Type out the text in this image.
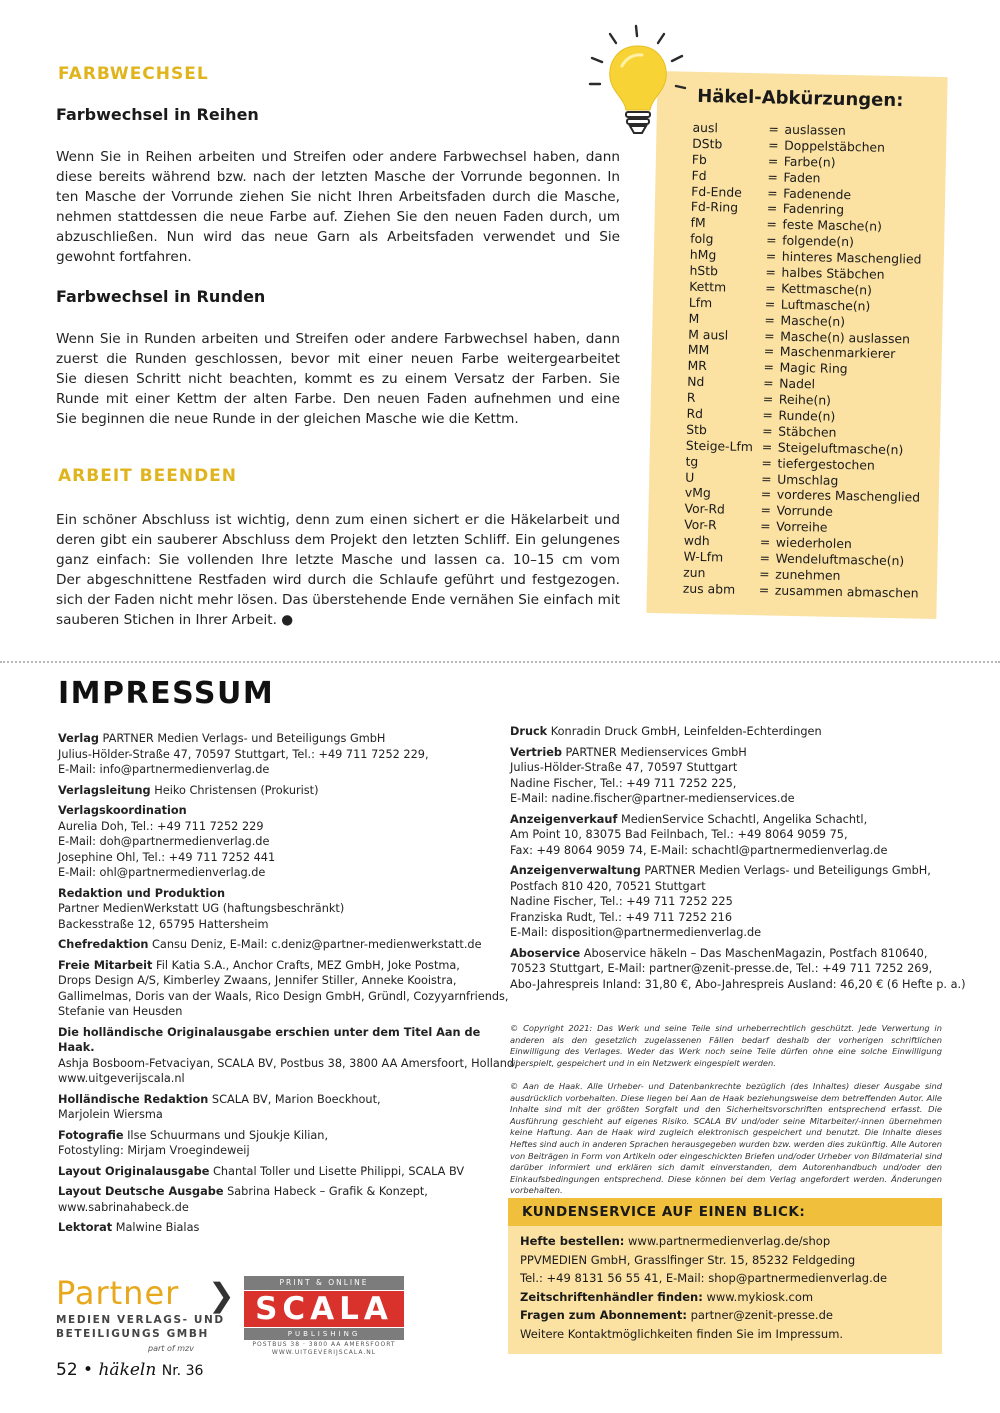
FARBWECHSEL
Farbwechsel in Reihen
Wenn Sie in Reihen arbeiten und Streifen oder andere Farbwechsel haben, dann
diese bereits während bzw. nach der letzten Masche der Vorrunde begonnen. In
ten Masche der Vorrunde ziehen Sie nicht Ihren Arbeitsfaden durch die Masche,
nehmen stattdessen die neue Farbe auf. Ziehen Sie den neuen Faden durch, um
abzuschließen. Nun wird das neue Garn als Arbeitsfaden verwendet und Sie
gewohnt fortfahren.
Farbwechsel in Runden
Wenn Sie in Runden arbeiten und Streifen oder andere Farbwechsel haben, dann
zuerst die Runden geschlossen, bevor mit einer neuen Farbe weitergearbeitet
Sie diesen Schritt nicht beachten, kommt es zu einem Versatz der Farben. Sie
Runde mit einer Kettm der alten Farbe. Den neuen Faden aufnehmen und eine
Sie beginnen die neue Runde in der gleichen Masche wie die Kettm.
ARBEIT BEENDEN
Ein schöner Abschluss ist wichtig, denn zum einen sichert er die Häkelarbeit und
deren gibt ein sauberer Abschluss dem Projekt den letzten Schliff. Ein gelungenes
ganz einfach: Sie vollenden Ihre letzte Masche und lassen ca. 10–15 cm vom
Der abgeschnittene Restfaden wird durch die Schlaufe geführt und festgezogen.
sich der Faden nicht mehr lösen. Das überstehende Ende vernähen Sie einfach mit
sauberen Stichen in Ihrer Arbeit. ●
Häkel-Abkürzungen:
ausl	= auslassen
DStb	= Doppelstäbchen
Fb	= Farbe(n)
Fd	= Faden
Fd-Ende	= Fadenende
Fd-Ring	= Fadenring
fM	= feste Masche(n)
folg	= folgende(n)
hMg	= hinteres Maschenglied
hStb	= halbes Stäbchen
Kettm	= Kettmasche(n)
Lfm	= Luftmasche(n)
M	= Masche(n)
M ausl	= Masche(n) auslassen
MM	= Maschenmarkierer
MR	= Magic Ring
Nd	= Nadel
R	= Reihe(n)
Rd	= Runde(n)
Stb	= Stäbchen
Steige-Lfm = Steigeluftmasche(n)
tg	= tiefergestochen
U	= Umschlag
vMg	= vorderes Maschenglied
Vor-Rd	= Vorrunde
Vor-R	= Vorreihe
wdh	= wiederholen
W-Lfm	= Wendeluftmasche(n)
zun	= zunehmen
zus abm	= zusammen abmaschen
IMPRESSUM
Verlag PARTNER Medien Verlags- und Beteiligungs GmbH
Julius-Hölder-Straße 47, 70597 Stuttgart, Tel.: +49 711 7252 229,
E-Mail: info@partnermedienverlag.de
Verlagsleitung Heiko Christensen (Prokurist)
Verlagskoordination
Aurelia Doh, Tel.: +49 711 7252 229
E-Mail: doh@partnermedienverlag.de
Josephine Ohl, Tel.: +49 711 7252 441
E-Mail: ohl@partnermedienverlag.de
Redaktion und Produktion
Partner MedienWerkstatt UG (haftungsbeschränkt)
Backesstraße 12, 65795 Hattersheim
Chefredaktion Cansu Deniz, E-Mail: c.deniz@partner-medienwerkstatt.de
Freie Mitarbeit Fil Katia S.A., Anchor Crafts, MEZ GmbH, Joke Postma,
Drops Design A/S, Kimberley Zwaans, Jennifer Stiller, Anneke Kooistra,
Gallimelmas, Doris van der Waals, Rico Design GmbH, Gründl, Cozyyarnfriends,
Stefanie van Heusden
Die holländische Originalausgabe erschien unter dem Titel Aan de Haak.
Ashja Bosboom-Fetvaciyan, SCALA BV, Postbus 38, 3800 AA Amersfoort, Holland,
www.uitgeverijscala.nl
Holländische Redaktion SCALA BV, Marion Boeckhout,
Marjolein Wiersma
Fotografie Ilse Schuurmans und Sjoukje Kilian,
Fotostyling: Mirjam Vroegindeweij
Layout Originalausgabe Chantal Toller und Lisette Philippi, SCALA BV
Layout Deutsche Ausgabe Sabrina Habeck – Grafik & Konzept,
www.sabrinahabeck.de
Lektorat Malwine Bialas
Druck Konradin Druck GmbH, Leinfelden-Echterdingen
Vertrieb PARTNER Medienservices GmbH
Julius-Hölder-Straße 47, 70597 Stuttgart
Nadine Fischer, Tel.: +49 711 7252 225,
E-Mail: nadine.fischer@partner-medienservices.de
Anzeigenverkauf MedienService Schachtl, Angelika Schachtl,
Am Point 10, 83075 Bad Feilnbach, Tel.: +49 8064 9059 75,
Fax: +49 8064 9059 74, E-Mail: schachtl@partnermedienverlag.de
Anzeigenverwaltung PARTNER Medien Verlags- und Beteiligungs GmbH,
Postfach 810 420, 70521 Stuttgart
Nadine Fischer, Tel.: +49 711 7252 225
Franziska Rudt, Tel.: +49 711 7252 216
E-Mail: disposition@partnermedienverlag.de
Aboservice Aboservice häkeln – Das MaschenMagazin, Postfach 810640,
70523 Stuttgart, E-Mail: partner@zenit-presse.de, Tel.: +49 711 7252 269,
Abo-Jahrespreis Inland: 31,80 €, Abo-Jahrespreis Ausland: 46,20 € (6 Hefte p. a.)
© Copyright 2021: Das Werk und seine Teile sind urheberrechtlich geschützt. Jede Verwertung in anderen als den gesetzlich zugelassenen Fällen bedarf deshalb der vorherigen schriftlichen Einwilligung des Verlages. Weder das Werk noch seine Teile dürfen ohne eine solche Einwilligung überspielt, gespeichert und in ein Netzwerk eingespielt werden.
© Aan de Haak. Alle Urheber- und Datenbankrechte bezüglich (des Inhaltes) dieser Ausgabe sind ausdrücklich vorbehalten. Diese liegen bei Aan de Haak beziehungsweise dem betreffenden Autor. Alle Inhalte sind mit der größten Sorgfalt und den Sicherheitsvorschriften entsprechend erfasst. Die Ausführung geschieht auf eigenes Risiko. SCALA BV und/oder seine Mitarbeiter/-innen übernehmen keine Haftung. Aan de Haak wird zugleich elektronisch gespeichert und benutzt. Die Inhalte dieses Heftes sind auch in anderen Sprachen herausgegeben wurden bzw. werden dies zukünftig. Alle Autoren von Beiträgen in Form von Artikeln oder eingeschickten Briefen und/oder Urheber von Bildmaterial sind darüber informiert und erklären sich damit einverstanden, dem Autorenhandbuch und/oder den Einkaufsbedingungen entsprechend. Diese können bei dem Verlag angefordert werden. Änderungen vorbehalten.
KUNDENSERVICE AUF EINEN BLICK:
Hefte bestellen: www.partnermedienverlag.de/shop
PPVMEDIEN GmbH, Grasslfinger Str. 15, 85232 Feldgeding
Tel.: +49 8131 56 55 41, E-Mail: shop@partnermedienverlag.de
Zeitschriftenhändler finden: www.mykiosk.com
Fragen zum Abonnement: partner@zenit-presse.de
Weitere Kontaktmöglichkeiten finden Sie im Impressum.
Partner ❯
MEDIEN VERLAGS- UND
BETEILIGUNGS GMBH
part of mzv
PRINT & ONLINE
SCALA
PUBLISHING
POSTBUS 38 · 3800 AA AMERSFOORT
WWW.UITGEVERIJSCALA.NL
52 • häkeln Nr. 36
